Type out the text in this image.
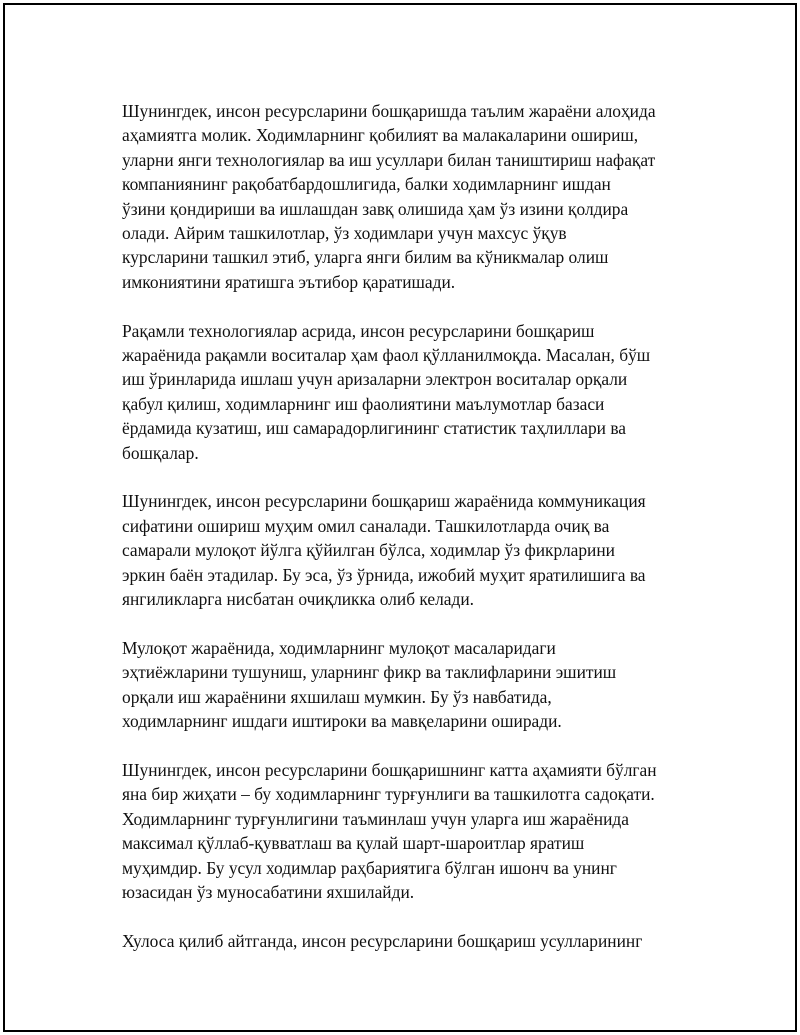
Шунингдек, инсон ресурсларини бошқаришда таълим жараёни алоҳида
аҳамиятга молик. Ходимларнинг қобилият ва малакаларини ошириш,
уларни янги технологиялар ва иш усуллари билан таништириш нафақат
компаниянинг рақобатбардошлигида, балки ходимларнинг ишдан
ўзини қондириши ва ишлашдан завқ олишида ҳам ўз изини қолдира
олади. Айрим ташкилотлар, ўз ходимлари учун махсус ўқув
курсларини ташкил этиб, уларга янги билим ва кўникмалар олиш
имкониятини яратишга эътибор қаратишади.

Рақамли технологиялар асрида, инсон ресурсларини бошқариш
жараёнида рақамли воситалар ҳам фаол қўлланилмоқда. Масалан, бўш
иш ўринларида ишлаш учун аризаларни электрон воситалар орқали
қабул қилиш, ходимларнинг иш фаолиятини маълумотлар базаси
ёрдамида кузатиш, иш самарадорлигининг статистик таҳлиллари ва
бошқалар.

Шунингдек, инсон ресурсларини бошқариш жараёнида коммуникация
сифатини ошириш муҳим омил саналади. Ташкилотларда очиқ ва
самарали мулоқот йўлга қўйилган бўлса, ходимлар ўз фикрларини
эркин баён этадилар. Бу эса, ўз ўрнида, ижобий муҳит яратилишига ва
янгиликларга нисбатан очиқликка олиб келади.

Мулоқот жараёнида, ходимларнинг мулоқот масаларидаги
эҳтиёжларини тушуниш, уларнинг фикр ва таклифларини эшитиш
орқали иш жараёнини яхшилаш мумкин. Бу ўз навбатида,
ходимларнинг ишдаги иштироки ва мавқеларини оширади.

Шунингдек, инсон ресурсларини бошқаришнинг катта аҳамияти бўлган
яна бир жиҳати – бу ходимларнинг турғунлиги ва ташкилотга садоқати.
Ходимларнинг турғунлигини таъминлаш учун уларга иш жараёнида
максимал қўллаб-қувватлаш ва қулай шарт-шароитлар яратиш
муҳимдир. Бу усул ходимлар раҳбариятига бўлган ишонч ва унинг
юзасидан ўз муносабатини яхшилайди.

Хулоса қилиб айтганда, инсон ресурсларини бошқариш усулларининг
